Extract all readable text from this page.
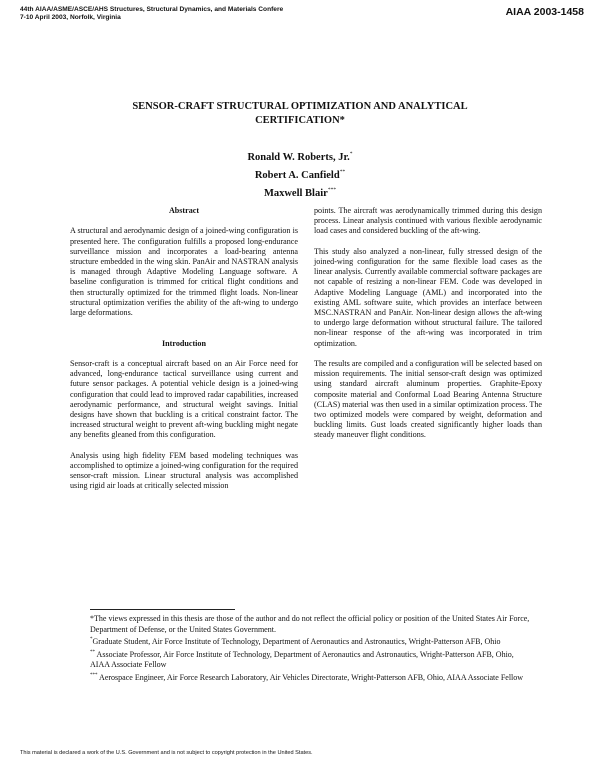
44th AIAA/ASME/ASCE/AHS Structures, Structural Dynamics, and Materials Confere
7-10 April 2003, Norfolk, Virginia	AIAA 2003-1458
SENSOR-CRAFT STRUCTURAL OPTIMIZATION AND ANALYTICAL
CERTIFICATION*
Ronald W. Roberts, Jr.*
Robert A. Canfield**
Maxwell Blair***
Abstract

A structural and aerodynamic design of a joined-wing configuration is presented here. The configuration fulfills a proposed long-endurance surveillance mission and incorporates a load-bearing antenna structure embedded in the wing skin. PanAir and NASTRAN analysis is managed through Adaptive Modeling Language software. A baseline configuration is trimmed for critical flight conditions and then structurally optimized for the trimmed flight loads. Non-linear structural optimization verifies the ability of the aft-wing to undergo large deformations.

Introduction

Sensor-craft is a conceptual aircraft based on an Air Force need for advanced, long-endurance tactical surveillance using current and future sensor packages. A potential vehicle design is a joined-wing configuration that could lead to improved radar capabilities, increased aerodynamic performance, and structural weight savings. Initial designs have shown that buckling is a critical constraint factor. The increased structural weight to prevent aft-wing buckling might negate any benefits gleaned from this configuration.

Analysis using high fidelity FEM based modeling techniques was accomplished to optimize a joined-wing configuration for the required sensor-craft mission. Linear structural analysis was accomplished using rigid air loads at critically selected mission

points. The aircraft was aerodynamically trimmed during this design process. Linear analysis continued with various flexible aerodynamic load cases and considered buckling of the aft-wing.

This study also analyzed a non-linear, fully stressed design of the joined-wing configuration for the same flexible load cases as the linear analysis. Currently available commercial software packages are not capable of resizing a non-linear FEM. Code was developed in Adaptive Modeling Language (AML) and incorporated into the existing AML software suite, which provides an interface between MSC.NASTRAN and PanAir. Non-linear design allows the aft-wing to undergo large deformation without structural failure. The tailored non-linear response of the aft-wing was incorporated in trim optimization.

The results are compiled and a configuration will be selected based on mission requirements. The initial sensor-craft design was optimized using standard aircraft aluminum properties. Graphite-Epoxy composite material and Conformal Load Bearing Antenna Structure (CLAS) material was then used in a similar optimization process. The two optimized models were compared by weight, deformation and buckling limits. Gust loads created significantly higher loads than steady maneuver flight conditions.

*The views expressed in this thesis are those of the author and do not reflect the official policy or position of the United States Air Force, Department of Defense, or the United States Government.

*Graduate Student, Air Force Institute of Technology, Department of Aeronautics and Astronautics, Wright-Patterson AFB, Ohio

** Associate Professor, Air Force Institute of Technology, Department of Aeronautics and Astronautics, Wright-Patterson AFB, Ohio, AIAA Associate Fellow

*** Aerospace Engineer, Air Force Research Laboratory, Air Vehicles Directorate, Wright-Patterson AFB, Ohio, AIAA Associate Fellow

This material is declared a work of the U.S. Government and is not subject to copyright protection in the United States.
